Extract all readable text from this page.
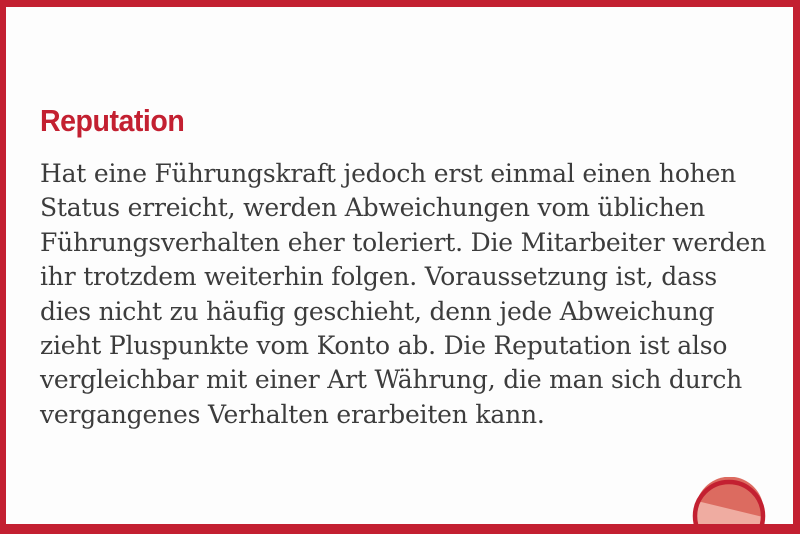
Reputation
Hat eine Führungskraft jedoch erst einmal einen hohen
Status erreicht, werden Abweichungen vom üblichen
Führungsverhalten eher toleriert. Die Mitarbeiter werden
ihr trotzdem weiterhin folgen. Voraussetzung ist, dass
dies nicht zu häufig geschieht, denn jede Abweichung
zieht Pluspunkte vom Konto ab. Die Reputation ist also
vergleichbar mit einer Art Währung, die man sich durch
vergangenes Verhalten erarbeiten kann.
